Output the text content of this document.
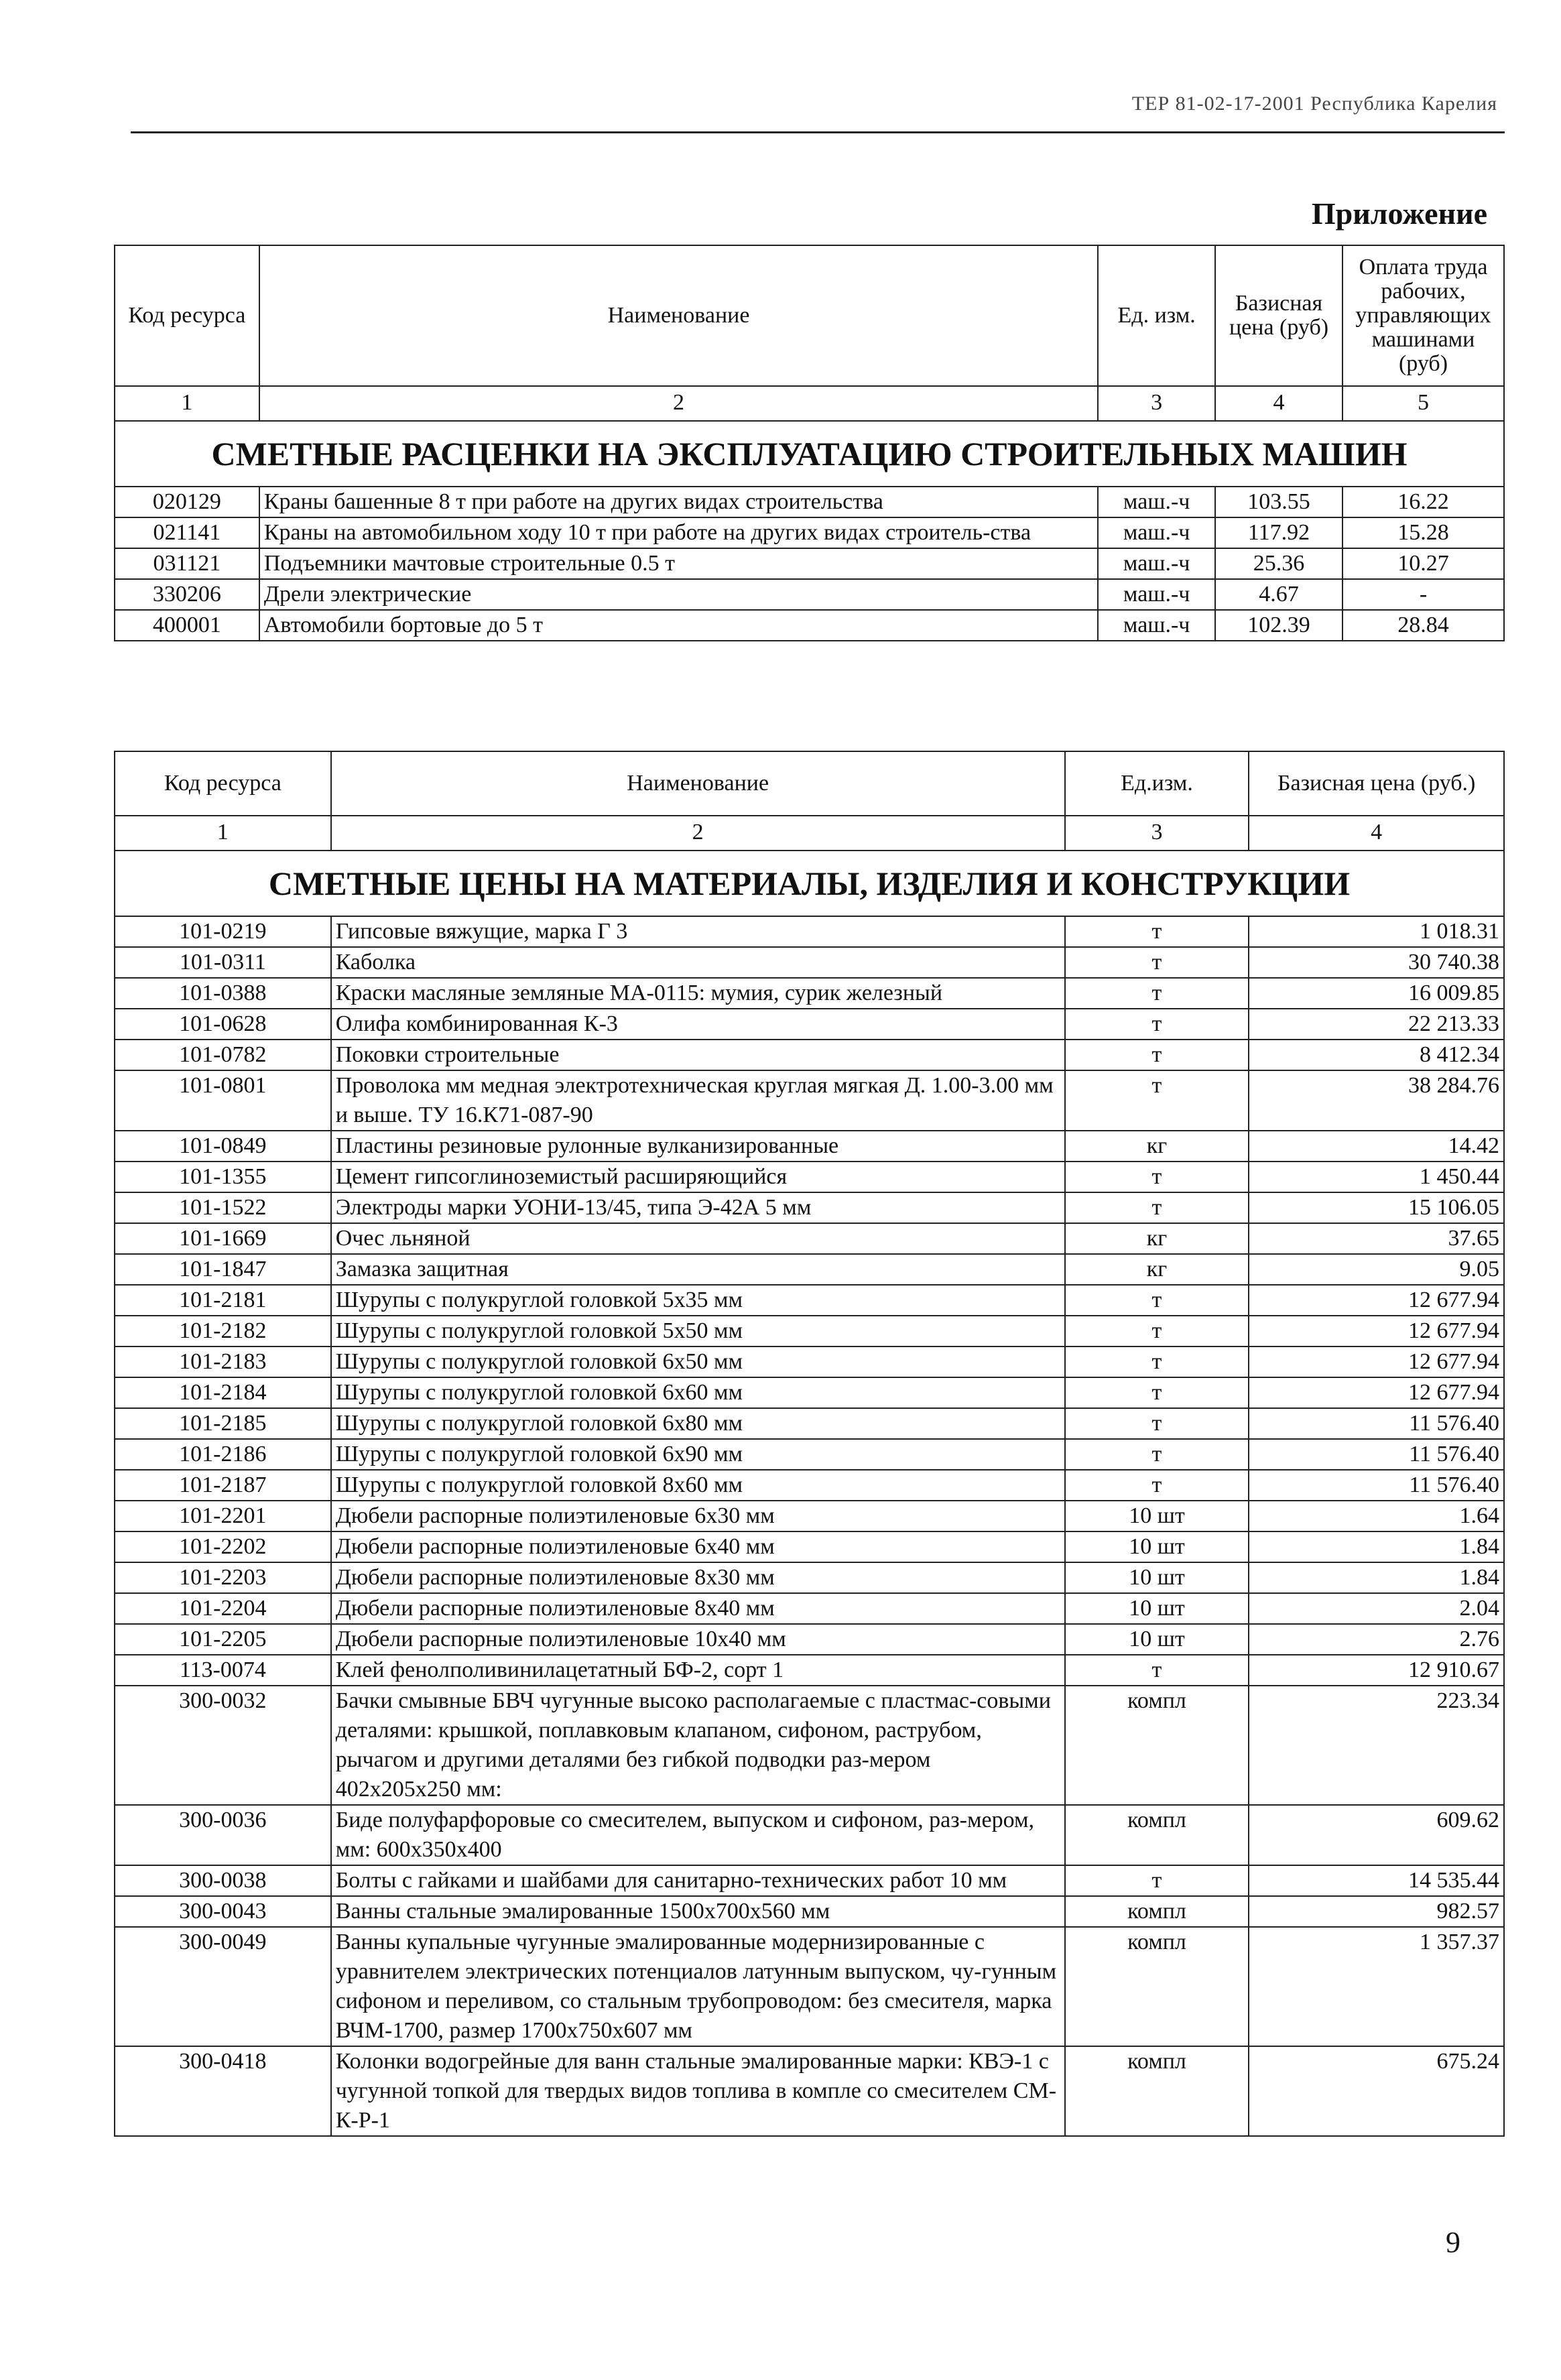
ТЕР 81-02-17-2001 Республика Карелия
Приложение
Код ресурса	Наименование	Ед. изм.	Базисная цена (руб)	Оплата труда рабочих, управляющих машинами (руб)
1	2	3	4	5
СМЕТНЫЕ РАСЦЕНКИ НА ЭКСПЛУАТАЦИЮ СТРОИТЕЛЬНЫХ МАШИН				
020129	Краны башенные 8 т при работе на других видах строительства	маш.-ч	103.55	16.22
021141	Краны на автомобильном ходу 10 т при работе на других видах строитель-ства	маш.-ч	117.92	15.28
031121	Подъемники мачтовые строительные 0.5 т	маш.-ч	25.36	10.27
330206	Дрели электрические	маш.-ч	4.67	-
400001	Автомобили бортовые до 5 т	маш.-ч	102.39	28.84
Код ресурса	Наименование	Ед.изм.	Базисная цена (руб.)
1	2	3	4
СМЕТНЫЕ ЦЕНЫ НА МАТЕРИАЛЫ, ИЗДЕЛИЯ И КОНСТРУКЦИИ			
101-0219	Гипсовые вяжущие, марка Г 3	т	1 018.31
101-0311	Каболка	т	30 740.38
101-0388	Краски масляные земляные МА-0115: мумия, сурик железный	т	16 009.85
101-0628	Олифа комбинированная К-3	т	22 213.33
101-0782	Поковки строительные	т	8 412.34
101-0801	Проволока мм медная электротехническая круглая мягкая Д. 1.00-3.00 мм и выше. ТУ 16.К71-087-90	т	38 284.76
101-0849	Пластины резиновые рулонные вулканизированные	кг	14.42
101-1355	Цемент гипсоглиноземистый расширяющийся	т	1 450.44
101-1522	Электроды марки УОНИ-13/45, типа Э-42А 5 мм	т	15 106.05
101-1669	Очес льняной	кг	37.65
101-1847	Замазка защитная	кг	9.05
101-2181	Шурупы с полукруглой головкой 5х35 мм	т	12 677.94
101-2182	Шурупы с полукруглой головкой 5х50 мм	т	12 677.94
101-2183	Шурупы с полукруглой головкой 6х50 мм	т	12 677.94
101-2184	Шурупы с полукруглой головкой 6х60 мм	т	12 677.94
101-2185	Шурупы с полукруглой головкой 6х80 мм	т	11 576.40
101-2186	Шурупы с полукруглой головкой 6х90 мм	т	11 576.40
101-2187	Шурупы с полукруглой головкой 8х60 мм	т	11 576.40
101-2201	Дюбели распорные полиэтиленовые 6х30 мм	10 шт	1.64
101-2202	Дюбели распорные полиэтиленовые 6х40 мм	10 шт	1.84
101-2203	Дюбели распорные полиэтиленовые 8х30 мм	10 шт	1.84
101-2204	Дюбели распорные полиэтиленовые 8х40 мм	10 шт	2.04
101-2205	Дюбели распорные полиэтиленовые 10х40 мм	10 шт	2.76
113-0074	Клей фенолполивинилацетатный БФ-2, сорт 1	т	12 910.67
300-0032	Бачки смывные БВЧ чугунные высоко располагаемые с пластмас-совыми деталями: крышкой, поплавковым клапаном, сифоном, раструбом, рычагом и другими деталями без гибкой подводки раз-мером 402х205х250 мм:	компл	223.34
300-0036	Биде полуфарфоровые со смесителем, выпуском и сифоном, раз-мером, мм: 600х350х400	компл	609.62
300-0038	Болты с гайками и шайбами для санитарно-технических работ 10 мм	т	14 535.44
300-0043	Ванны стальные эмалированные 1500х700х560 мм	компл	982.57
300-0049	Ванны купальные чугунные эмалированные модернизированные с уравнителем электрических потенциалов латунным выпуском, чу-гунным сифоном и переливом, со стальным трубопроводом: без смесителя, марка ВЧМ-1700, размер 1700х750х607 мм	компл	1 357.37
300-0418	Колонки водогрейные для ванн стальные эмалированные марки: КВЭ-1 с чугунной топкой для твердых видов топлива в комплe со смесителем СМ-К-Р-1	компл	675.24
9
